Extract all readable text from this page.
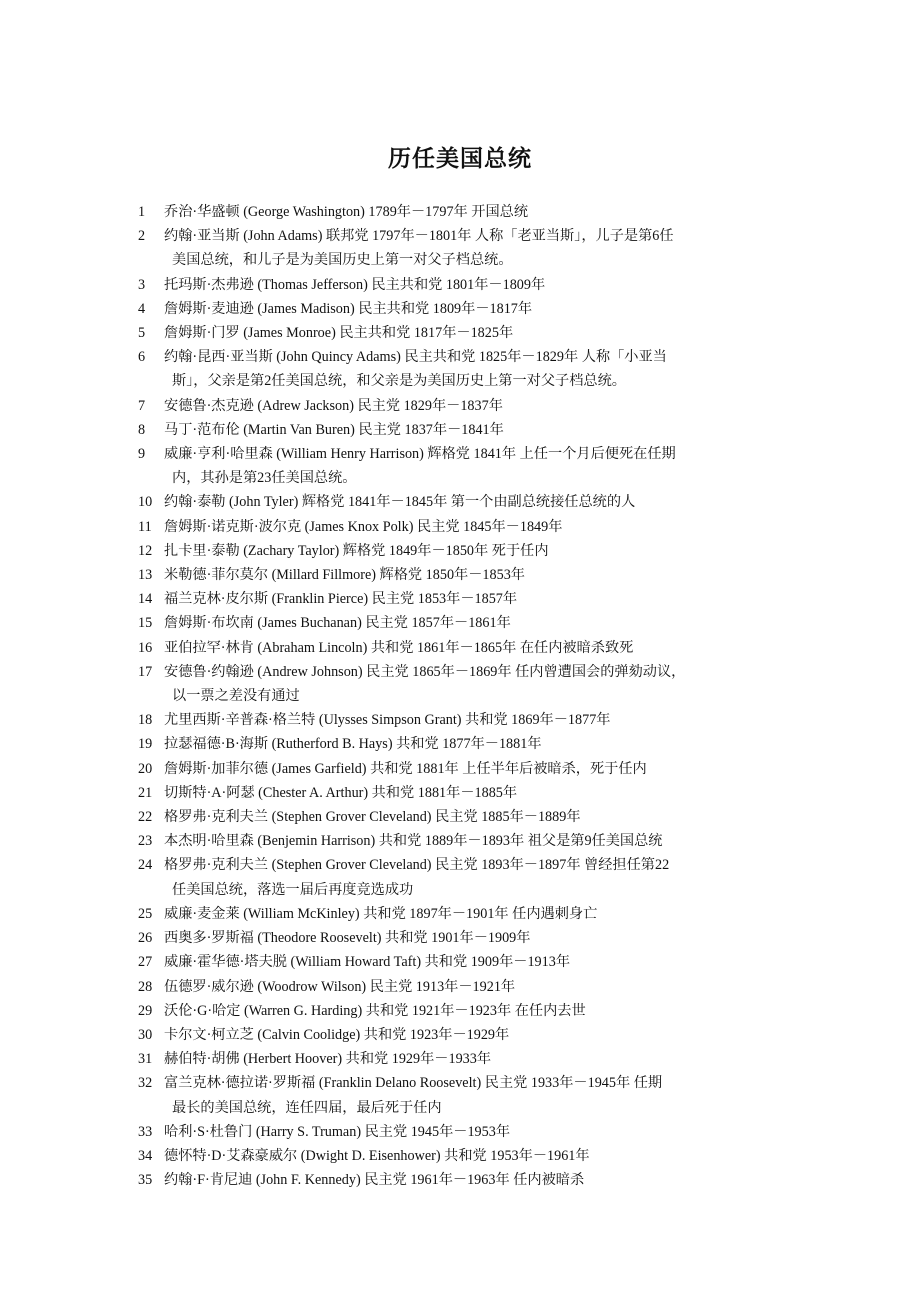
历任美国总统
1	乔治·华盛顿 (George Washington) 1789年－1797年 开国总统
2	约翰·亚当斯 (John Adams) 联邦党 1797年－1801年 人称「老亚当斯」，儿子是第6任
美国总统，和儿子是为美国历史上第一对父子档总统。
3	托玛斯·杰弗逊 (Thomas Jefferson) 民主共和党 1801年－1809年
4	詹姆斯·麦迪逊 (James Madison) 民主共和党 1809年－1817年
5	詹姆斯·门罗 (James Monroe) 民主共和党 1817年－1825年
6	约翰·昆西·亚当斯 (John Quincy Adams) 民主共和党 1825年－1829年 人称「小亚当
斯」，父亲是第2任美国总统，和父亲是为美国历史上第一对父子档总统。
7	安德鲁·杰克逊 (Adrew Jackson) 民主党 1829年－1837年
8	马丁·范布伦 (Martin Van Buren) 民主党 1837年－1841年
9	威廉·亨利·哈里森 (William Henry Harrison) 辉格党 1841年 上任一个月后便死在任期
内，其孙是第23任美国总统。
10 约翰·泰勒 (John Tyler) 辉格党 1841年－1845年 第一个由副总统接任总统的人
11 詹姆斯·诺克斯·波尔克 (James Knox Polk) 民主党 1845年－1849年
12 扎卡里·泰勒 (Zachary Taylor) 辉格党 1849年－1850年 死于任内
13 米勒德·菲尔莫尔 (Millard Fillmore) 辉格党 1850年－1853年
14 福兰克林·皮尔斯 (Franklin Pierce) 民主党 1853年－1857年
15 詹姆斯·布坎南 (James Buchanan) 民主党 1857年－1861年
16 亚伯拉罕·林肯 (Abraham Lincoln) 共和党 1861年－1865年 在任内被暗杀致死
17 安德鲁·约翰逊 (Andrew Johnson) 民主党 1865年－1869年 任内曾遭国会的弹劾动议，
以一票之差没有通过
18 尤里西斯·辛普森·格兰特 (Ulysses Simpson Grant) 共和党 1869年－1877年
19 拉瑟福德·B·海斯 (Rutherford B. Hays) 共和党 1877年－1881年
20 詹姆斯·加菲尔德 (James Garfield) 共和党 1881年 上任半年后被暗杀，死于任内
21 切斯特·A·阿瑟 (Chester A. Arthur) 共和党 1881年－1885年
22 格罗弗·克利夫兰 (Stephen Grover Cleveland) 民主党 1885年－1889年
23 本杰明·哈里森 (Benjemin Harrison) 共和党 1889年－1893年 祖父是第9任美国总统
24 格罗弗·克利夫兰 (Stephen Grover Cleveland) 民主党 1893年－1897年 曾经担任第22
任美国总统，落选一届后再度竞选成功
25 威廉·麦金莱 (William McKinley) 共和党 1897年－1901年 任内遇刺身亡
26 西奥多·罗斯福 (Theodore Roosevelt) 共和党 1901年－1909年
27 威廉·霍华德·塔夫脱 (William Howard Taft) 共和党 1909年－1913年
28 伍德罗·威尔逊 (Woodrow Wilson) 民主党 1913年－1921年
29 沃伦·G·哈定 (Warren G. Harding) 共和党 1921年－1923年 在任内去世
30 卡尔文·柯立芝 (Calvin Coolidge) 共和党 1923年－1929年
31 赫伯特·胡佛 (Herbert Hoover) 共和党 1929年－1933年
32 富兰克林·德拉诺·罗斯福 (Franklin Delano Roosevelt) 民主党 1933年－1945年 任期
最长的美国总统，连任四届，最后死于任内
33 哈利·S·杜鲁门 (Harry S. Truman) 民主党 1945年－1953年
34 德怀特·D·艾森豪威尔 (Dwight D. Eisenhower) 共和党 1953年－1961年
35 约翰·F·肯尼迪 (John F. Kennedy) 民主党 1961年－1963年 任内被暗杀
